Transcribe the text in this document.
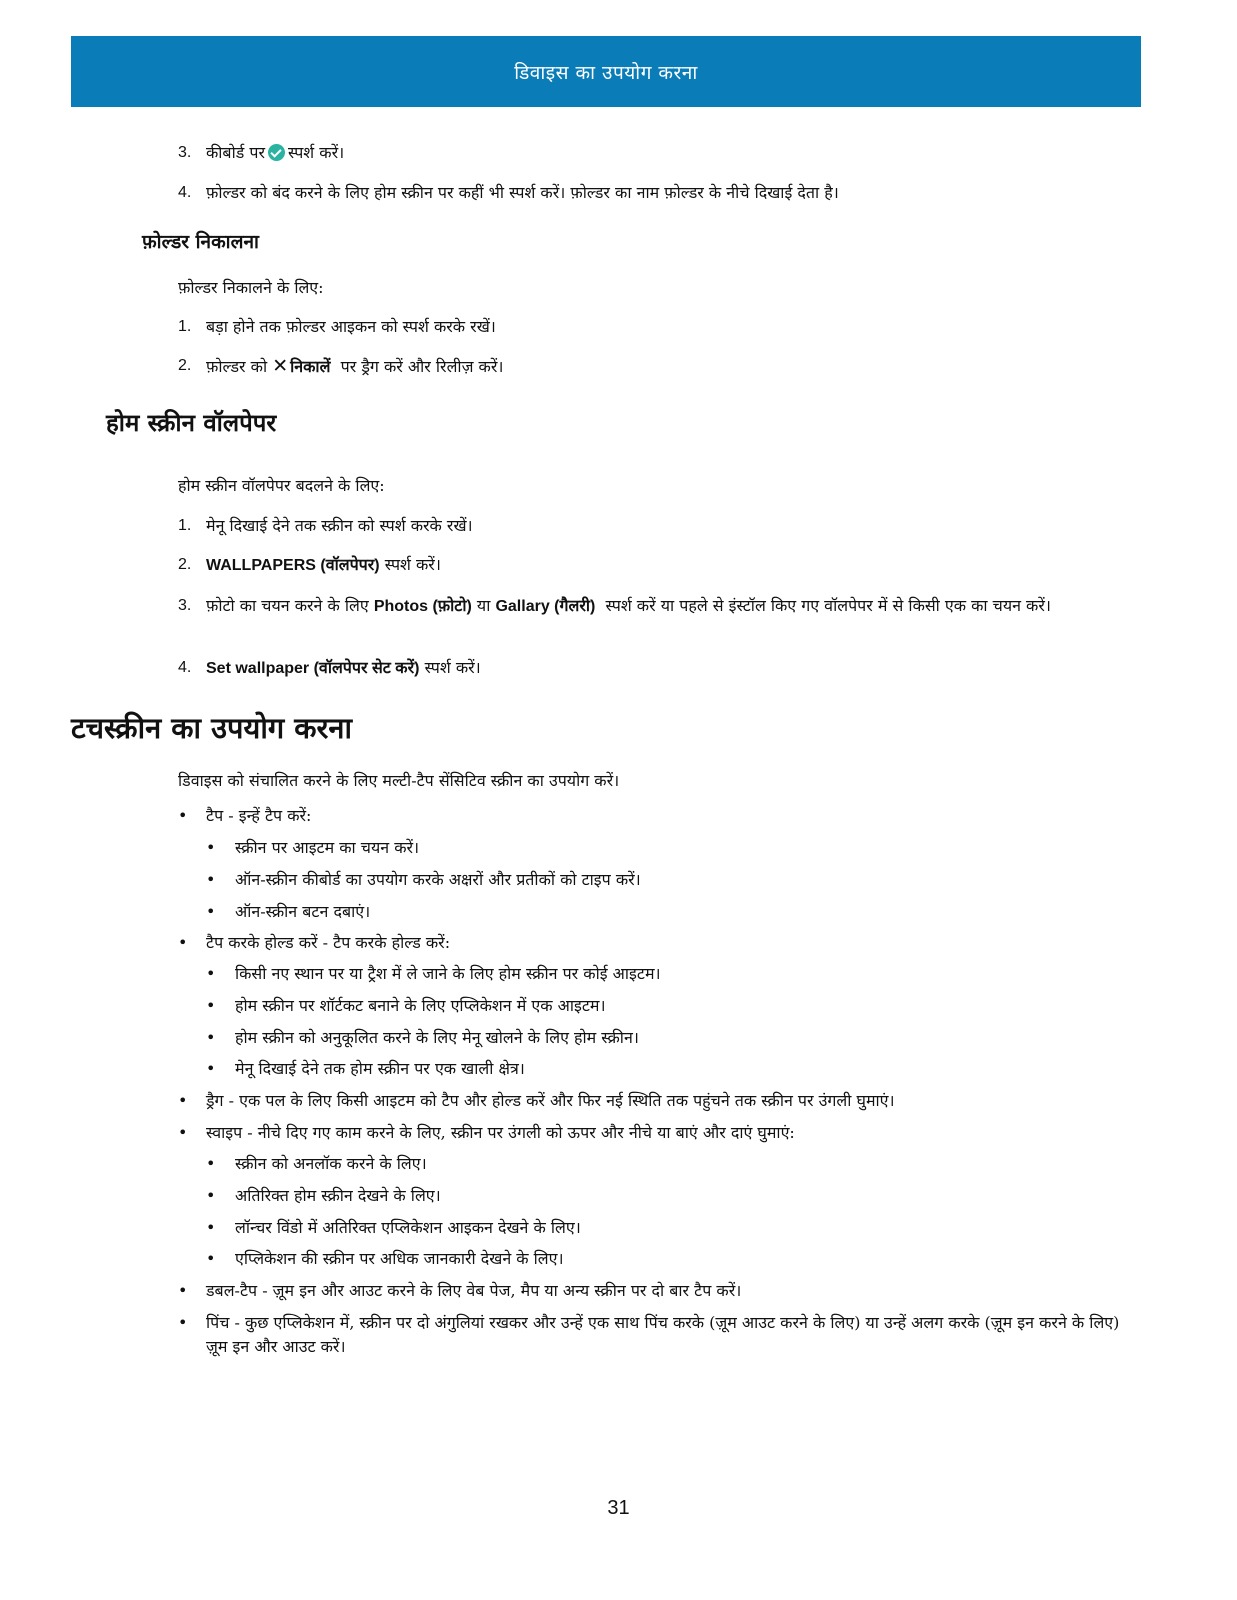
डिवाइस का उपयोग करना
3. कीबोर्ड पर स्पर्श करें।
4. फ़ोल्डर को बंद करने के लिए होम स्क्रीन पर कहीं भी स्पर्श करें। फ़ोल्डर का नाम फ़ोल्डर के नीचे दिखाई देता है।
फ़ोल्डर निकालना
फ़ोल्डर निकालने के लिए:
1. बड़ा होने तक फ़ोल्डर आइकन को स्पर्श करके रखें।
2. फ़ोल्डर को ✕ निकालें पर ड्रैग करें और रिलीज़ करें।
होम स्क्रीन वॉलपेपर
होम स्क्रीन वॉलपेपर बदलने के लिए:
1. मेनू दिखाई देने तक स्क्रीन को स्पर्श करके रखें।
2. WALLPAPERS (वॉलपेपर) स्पर्श करें।
3. फ़ोटो का चयन करने के लिए Photos (फ़ोटो) या Gallary (गैलरी) स्पर्श करें या पहले से इंस्टॉल किए गए वॉलपेपर में से किसी एक का चयन करें।
4. Set wallpaper (वॉलपेपर सेट करें) स्पर्श करें।
टचस्क्रीन का उपयोग करना
डिवाइस को संचालित करने के लिए मल्टी-टैप सेंसिटिव स्क्रीन का उपयोग करें।
• टैप - इन्हें टैप करें:
• स्क्रीन पर आइटम का चयन करें।
• ऑन-स्क्रीन कीबोर्ड का उपयोग करके अक्षरों और प्रतीकों को टाइप करें।
• ऑन-स्क्रीन बटन दबाएं।
• टैप करके होल्ड करें - टैप करके होल्ड करें:
• किसी नए स्थान पर या ट्रैश में ले जाने के लिए होम स्क्रीन पर कोई आइटम।
• होम स्क्रीन पर शॉर्टकट बनाने के लिए एप्लिकेशन में एक आइटम।
• होम स्क्रीन को अनुकूलित करने के लिए मेनू खोलने के लिए होम स्क्रीन।
• मेनू दिखाई देने तक होम स्क्रीन पर एक खाली क्षेत्र।
• ड्रैग - एक पल के लिए किसी आइटम को टैप और होल्ड करें और फिर नई स्थिति तक पहुंचने तक स्क्रीन पर उंगली घुमाएं।
• स्वाइप - नीचे दिए गए काम करने के लिए, स्क्रीन पर उंगली को ऊपर और नीचे या बाएं और दाएं घुमाएं:
• स्क्रीन को अनलॉक करने के लिए।
• अतिरिक्त होम स्क्रीन देखने के लिए।
• लॉन्चर विंडो में अतिरिक्त एप्लिकेशन आइकन देखने के लिए।
• एप्लिकेशन की स्क्रीन पर अधिक जानकारी देखने के लिए।
• डबल-टैप - ज़ूम इन और आउट करने के लिए वेब पेज, मैप या अन्य स्क्रीन पर दो बार टैप करें।
• पिंच - कुछ एप्लिकेशन में, स्क्रीन पर दो अंगुलियां रखकर और उन्हें एक साथ पिंच करके (ज़ूम आउट करने के लिए) या उन्हें अलग करके (ज़ूम इन करने के लिए) ज़ूम इन और आउट करें।
31
